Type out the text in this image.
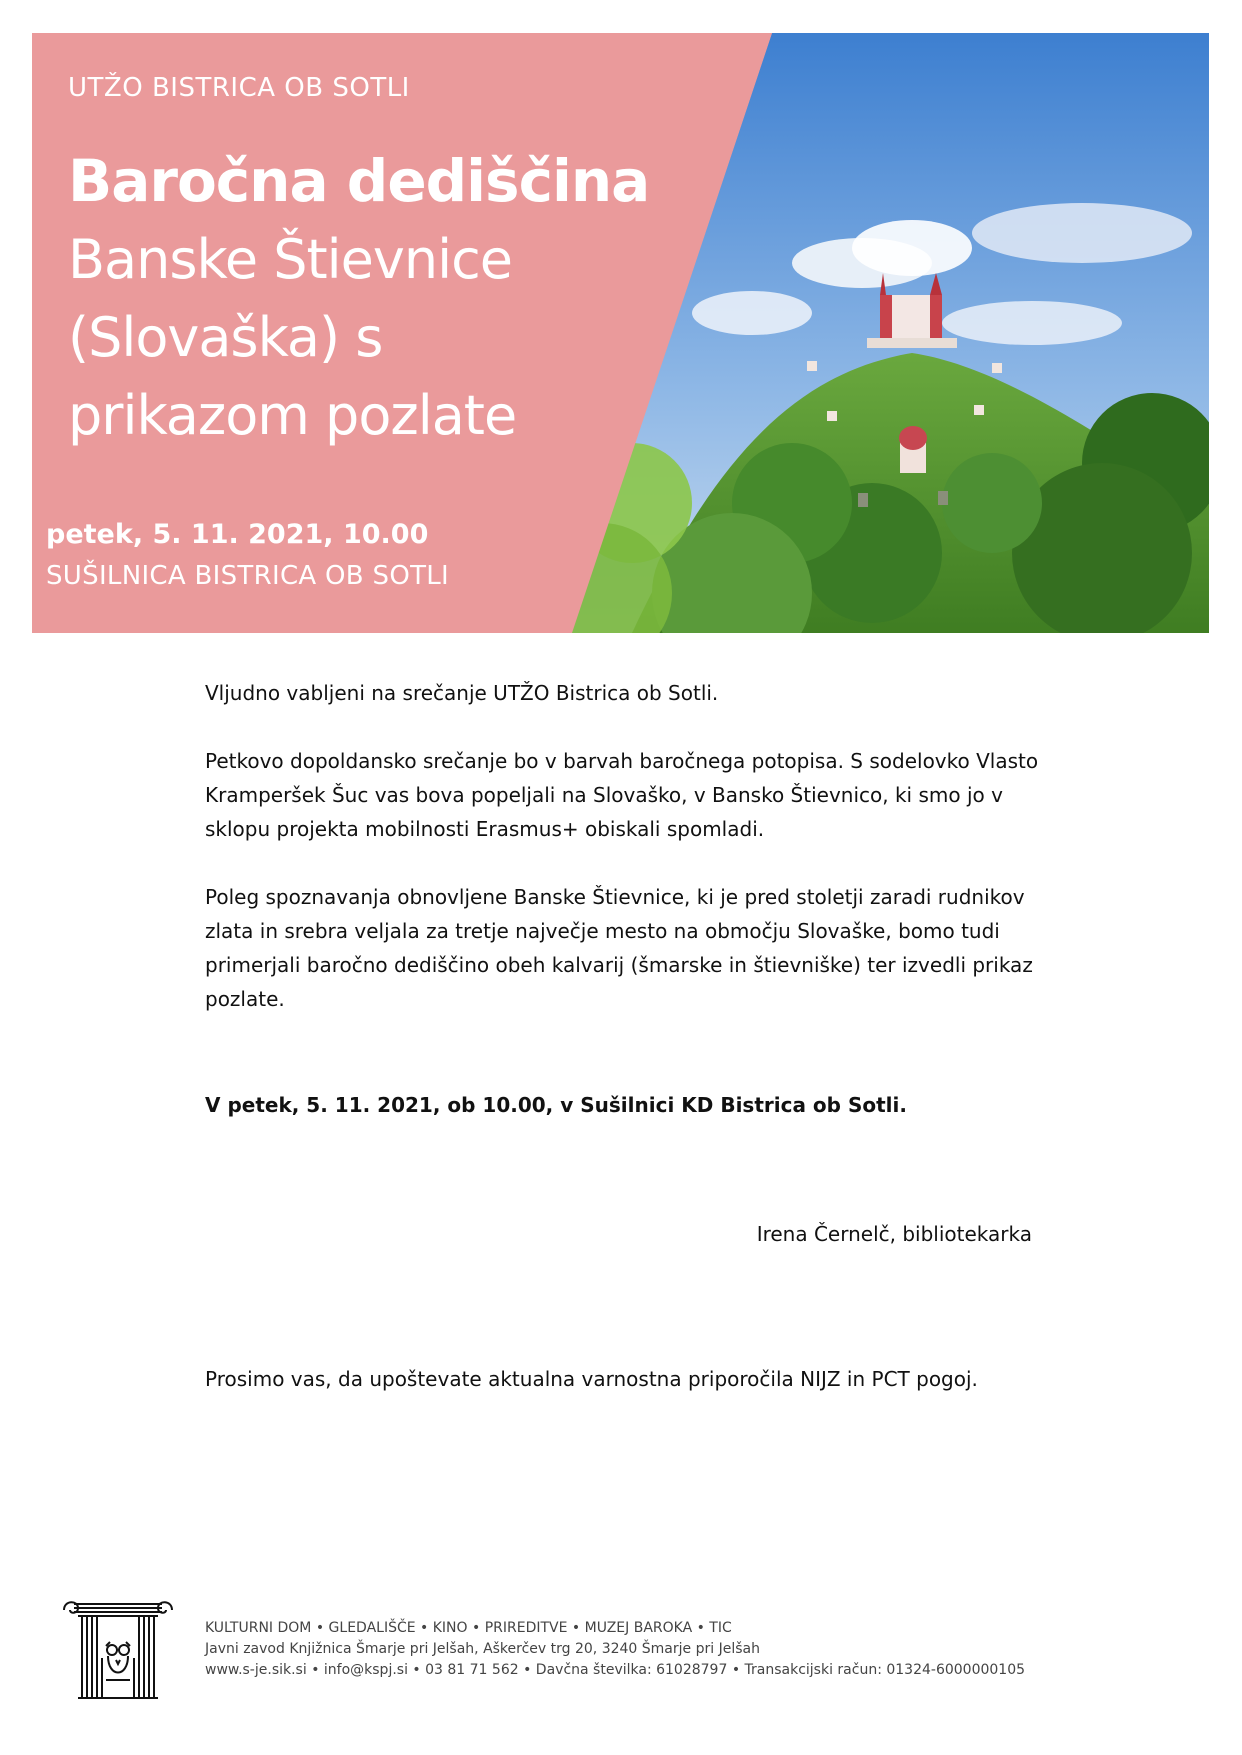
UTŽO BISTRICA OB SOTLI
Baročna dediščina
Banske Štievnice (Slovaška) s prikazom pozlate
petek, 5. 11. 2021, 10.00
SUŠILNICA BISTRICA OB SOTLI
Vljudno vabljeni na srečanje UTŽO Bistrica ob Sotli.
Petkovo dopoldansko srečanje bo v barvah baročnega potopisa. S sodelovko Vlasto Kramperšek Šuc vas bova popeljali na Slovaško, v Bansko Štievnico, ki smo jo v sklopu projekta mobilnosti Erasmus+ obiskali spomladi.
Poleg spoznavanja obnovljene Banske Štievnice, ki je pred stoletji zaradi rudnikov zlata in srebra veljala za tretje največje mesto na območju Slovaške, bomo tudi primerjali baročno dediščino obeh kalvarij (šmarske in štievniške) ter izvedli prikaz pozlate.
V petek, 5. 11. 2021, ob 10.00, v Sušilnici KD Bistrica ob Sotli.
Irena Černelč, bibliotekarka
Prosimo vas, da upoštevate aktualna varnostna priporočila NIJZ in PCT pogoj.
KULTURNI DOM • GLEDALIŠČE • KINO • PRIREDITVE • MUZEJ BAROKA • TIC
Javni zavod Knjižnica Šmarje pri Jelšah, Aškerčev trg 20, 3240 Šmarje pri Jelšah
www.s-je.sik.si • info@kspj.si • 03 81 71 562 • Davčna številka: 61028797 • Transakcijski račun: 01324-6000000105
